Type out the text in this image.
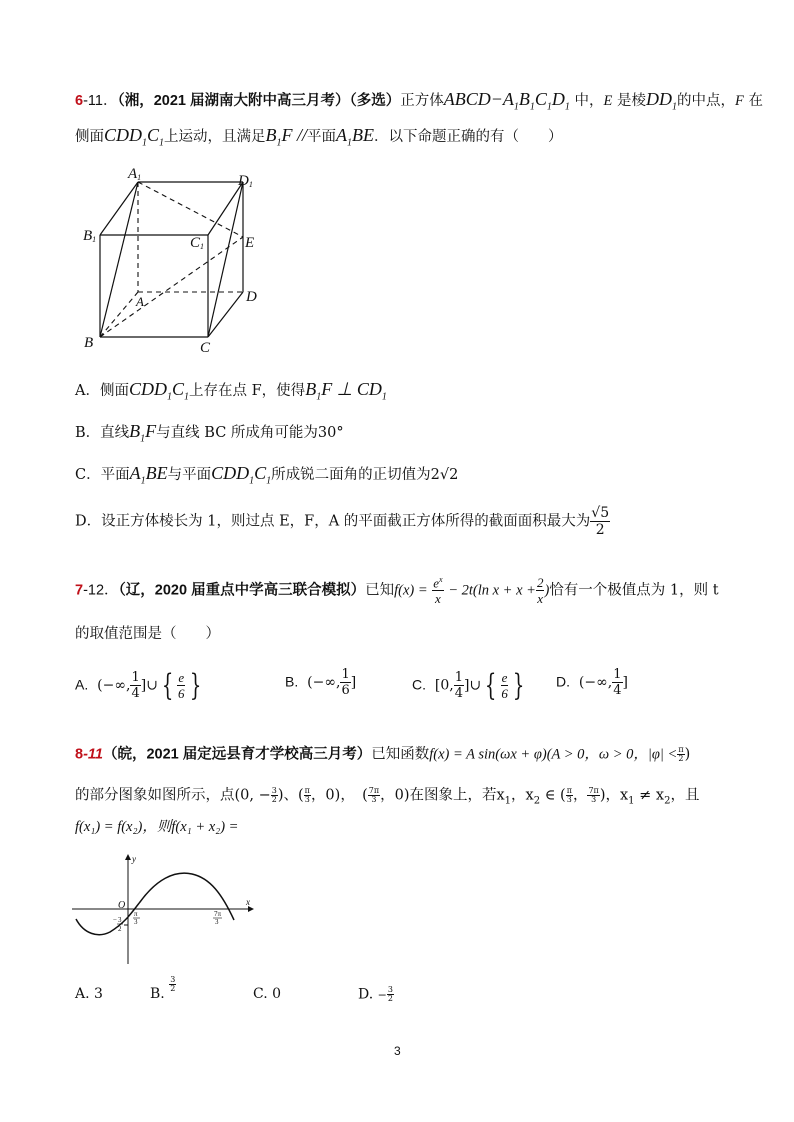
6-11．（湘，2021 届湖南大附中高三月考）（多选）正方体$ABCD-A_1B_1C_1D_1$ 中，E 是棱$DD_1$的中点，F 在
侧面$CDD_1C_1$上运动，且满足$B_1F$ //平面$A_1BE$．以下命题正确的有（　　）
A1	D1
B1	C1	E
A	D
B	C
A．侧面$CDD_1C_1$上存在点 F，使得$B_1F$ ⊥ $CD_1$
B．直线$B_1F$与直线 BC 所成角可能为30°
C．平面$A_1BE$与平面$CDD_1C_1$所成锐二面角的正切值为2√2
D．设正方体棱长为 1，则过点 E，F，A 的平面截正方体所得的截面面积最大为 $\frac{√5}{2}$
7-12．（辽，2020 届重点中学高三联合模拟）已知$f(x) = \frac{e^x}{x} - 2t(\ln$ $x + x + \frac{2}{x}$ )恰有一个极值点为 1，则 t
的取值范围是（　　）
A. (−∞, $\frac{1}{4}$ ]∪ { $\frac{e}{6}$ }	B. (−∞, $\frac{1}{6}$ ]	C. [0, $\frac{1}{4}$ ]∪ { $\frac{e}{6}$ } D. (−∞, $\frac{1}{4}$ ]
8-11（皖，2021 届定远县育才学校高三月考）已知函数f(x) = A sin(ωx + φ)(A > 0，ω > 0，$|\varphi| < \frac{\pi}{2}$ )
的部分图象如图所示，点(0, − $\frac{3}{2}$ )、( $\frac{\pi}{3}$ ，0)，　( $\frac{7\pi}{3}$ ，0)在图象上，若$x_1$，$x_2$ ∈ ( $\frac{\pi}{3}$ ， $\frac{7\pi}{3}$ )，$x_1 \ne x_2$，且
f(x₁) = f(x₂)，则f(x₁ + x₂) =
y
x
O
π
3
7π
3
− 3
2
A. 3	B.
$\frac{3}{2}$
C. 0	D. − $\frac{3}{2}$
3
